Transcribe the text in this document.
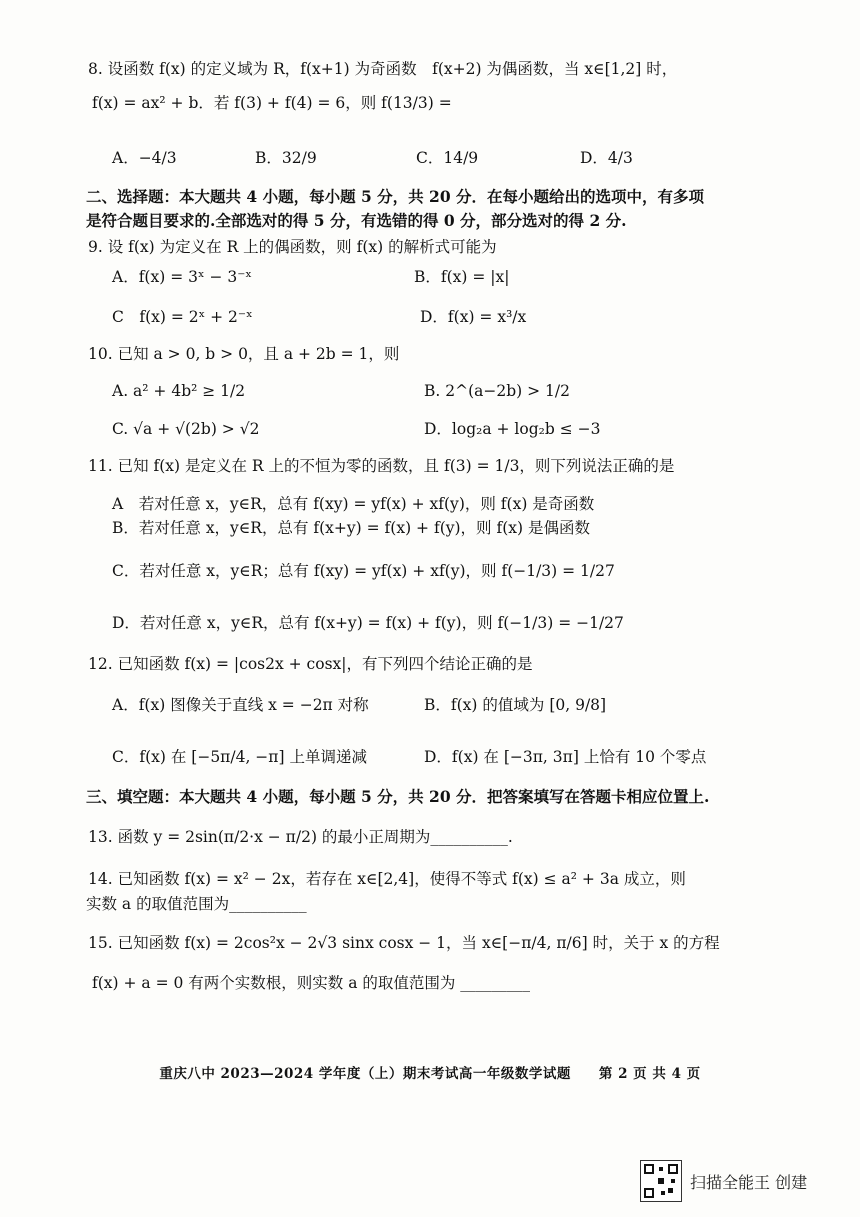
8. 设函数 f(x) 的定义域为 R，f(x+1) 为奇函数　f(x+2) 为偶函数，当 x∈[1,2] 时，
f(x) = ax² + b．若 f(3) + f(4) = 6，则 f(13/3) =
A．−4/3	B．32/9	C．14/9	D．4/3
二、选择题：本大题共 4 小题，每小题 5 分，共 20 分．在每小题给出的选项中，有多项
是符合题目要求的.全部选对的得 5 分，有选错的得 0 分，部分选对的得 2 分.
9. 设 f(x) 为定义在 R 上的偶函数，则 f(x) 的解析式可能为
A．f(x) = 3ˣ − 3⁻ˣ	B．f(x) = |x|
C　f(x) = 2ˣ + 2⁻ˣ	D．f(x) = x³/x
10. 已知 a > 0, b > 0，且 a + 2b = 1，则
A. a² + 4b² ≥ 1/2	B. 2^(a−2b) > 1/2
C. √a + √(2b) > √2	D．log₂a + log₂b ≤ −3
11. 已知 f(x) 是定义在 R 上的不恒为零的函数，且 f(3) = 1/3，则下列说法正确的是
A　若对任意 x，y∈R，总有 f(xy) = yf(x) + xf(y)，则 f(x) 是奇函数
B．若对任意 x，y∈R，总有 f(x+y) = f(x) + f(y)，则 f(x) 是偶函数
C．若对任意 x，y∈R；总有 f(xy) = yf(x) + xf(y)，则 f(−1/3) = 1/27
D．若对任意 x，y∈R，总有 f(x+y) = f(x) + f(y)，则 f(−1/3) = −1/27
12. 已知函数 f(x) = |cos2x + cosx|，有下列四个结论正确的是
A．f(x) 图像关于直线 x = −2π 对称	B．f(x) 的值域为 [0, 9/8]
C．f(x) 在 [−5π/4, −π] 上单调递减	D．f(x) 在 [−3π, 3π] 上恰有 10 个零点
三、填空题：本大题共 4 小题，每小题 5 分，共 20 分．把答案填写在答题卡相应位置上.
13. 函数 y = 2sin(π/2·x − π/2) 的最小正周期为__________.
14. 已知函数 f(x) = x² − 2x，若存在 x∈[2,4]，使得不等式 f(x) ≤ a² + 3a 成立，则
实数 a 的取值范围为__________
15. 已知函数 f(x) = 2cos²x − 2√3 sinx cosx − 1，当 x∈[−π/4, π/6] 时，关于 x 的方程
f(x) + a = 0 有两个实数根，则实数 a 的取值范围为 _________
重庆八中 2023—2024 学年度（上）期末考试高一年级数学试题　　第 2 页 共 4 页
扫描全能王 创建
